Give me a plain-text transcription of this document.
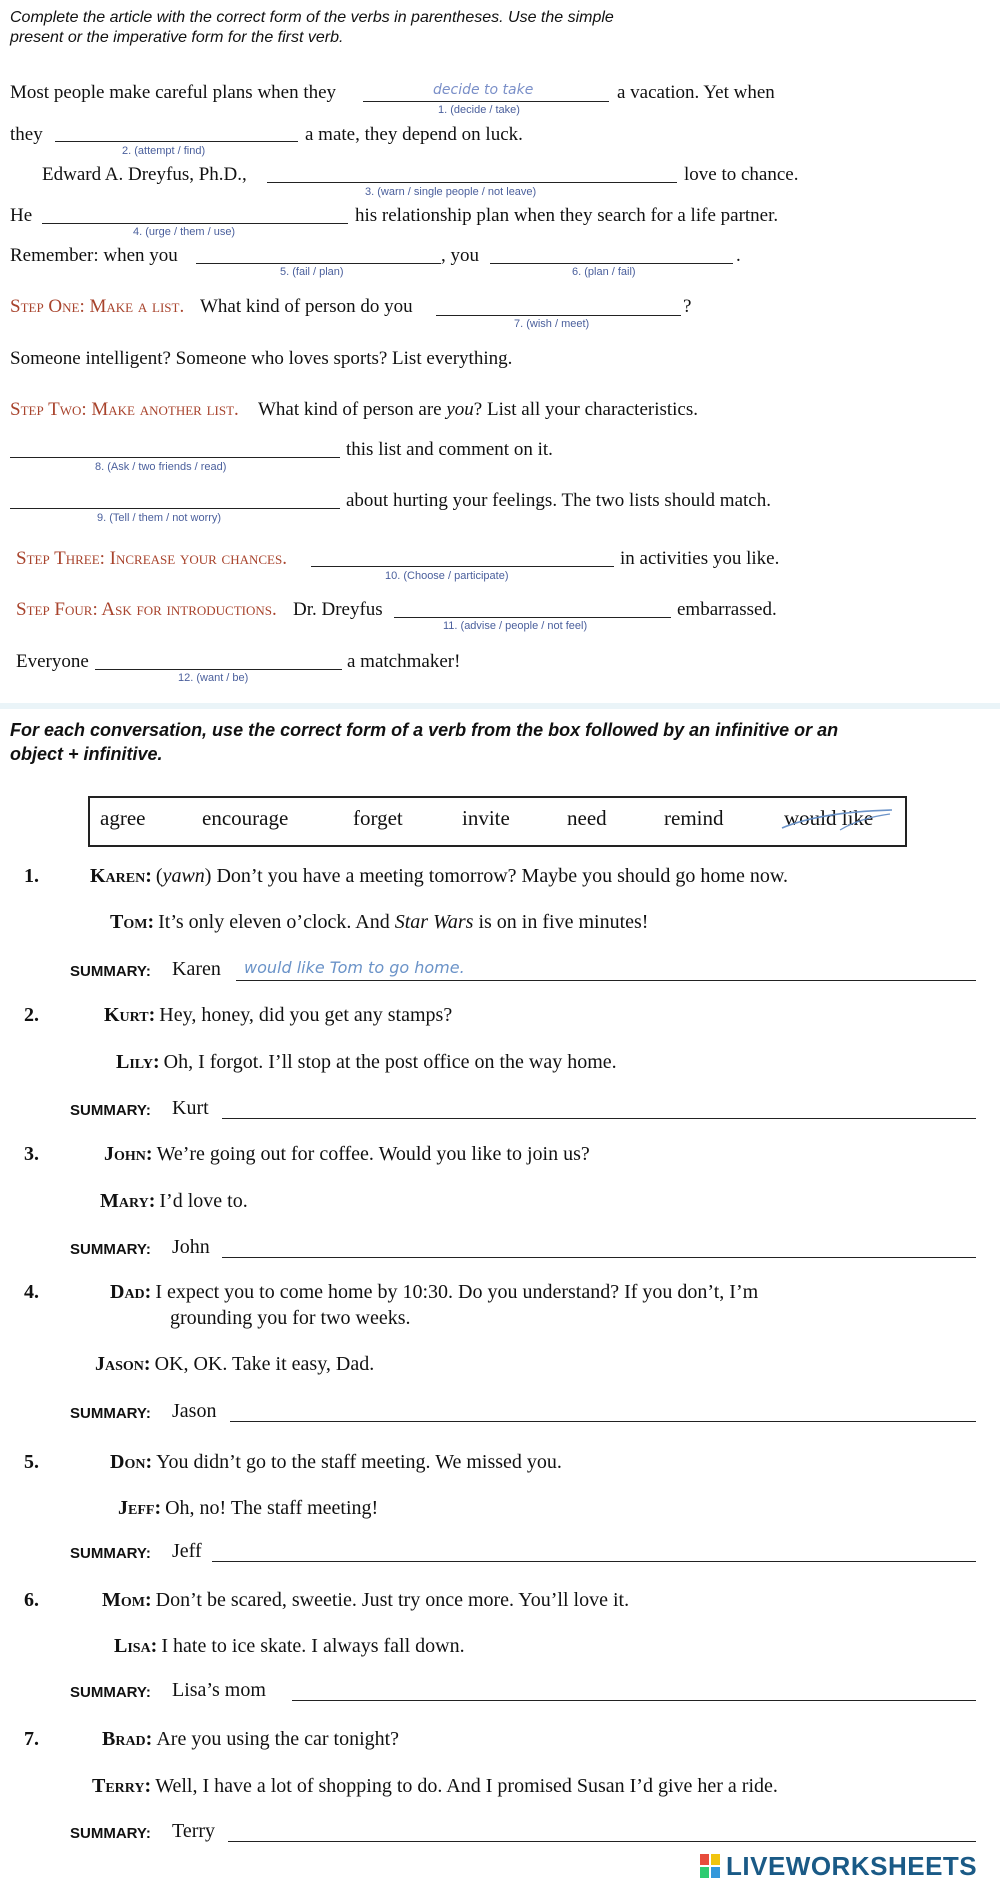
Complete the article with the correct form of the verbs in parentheses. Use the simple present or the imperative form for the first verb.
Most people make careful plans when they	decide to take
1. (decide / take)
a vacation. Yet when
they
2. (attempt / find)
a mate, they depend on luck.
Edward A. Dreyfus, Ph.D.,
3. (warn / single people / not leave)
love to chance.
He
4. (urge / them / use)
his relationship plan when they search for a life partner.
Remember: when you
5. (fail / plan)
, you
6. (plan / fail)
.
Step One: Make a list. What kind of person do you
7. (wish / meet)
?
Someone intelligent? Someone who loves sports? List everything.
Step Two: Make another list. What kind of person are you? List all your characteristics.
8. (Ask / two friends / read)
this list and comment on it.
9. (Tell / them / not worry)
about hurting your feelings. The two lists should match.
Step Three: Increase your chances.
10. (Choose / participate)
in activities you like.
Step Four: Ask for introductions. Dr. Dreyfus
11. (advise / people / not feel)
embarrassed.
Everyone
12. (want / be)
a matchmaker!
For each conversation, use the correct form of a verb from the box followed by an infinitive or an object + infinitive.
agree	encourage	forget	invite	need	remind	would like
1.	Karen: (yawn) Don’t you have a meeting tomorrow? Maybe you should go home now.
Tom: It’s only eleven o’clock. And Star Wars is on in five minutes!
SUMMARY: Karen would like Tom to go home.
2.	Kurt: Hey, honey, did you get any stamps?
Lily: Oh, I forgot. I’ll stop at the post office on the way home.
SUMMARY: Kurt
3.	John: We’re going out for coffee. Would you like to join us?
Mary: I’d love to.
SUMMARY: John
4.	Dad: I expect you to come home by 10:30. Do you understand? If you don’t, I’m
grounding you for two weeks.
Jason: OK, OK. Take it easy, Dad.
SUMMARY: Jason
5.	Don: You didn’t go to the staff meeting. We missed you.
Jeff: Oh, no! The staff meeting!
SUMMARY: Jeff
6.	Mom: Don’t be scared, sweetie. Just try once more. You’ll love it.
Lisa: I hate to ice skate. I always fall down.
SUMMARY: Lisa’s mom
7.	Brad: Are you using the car tonight?
Terry: Well, I have a lot of shopping to do. And I promised Susan I’d give her a ride.
SUMMARY: Terry
LIVEWORKSHEETS
